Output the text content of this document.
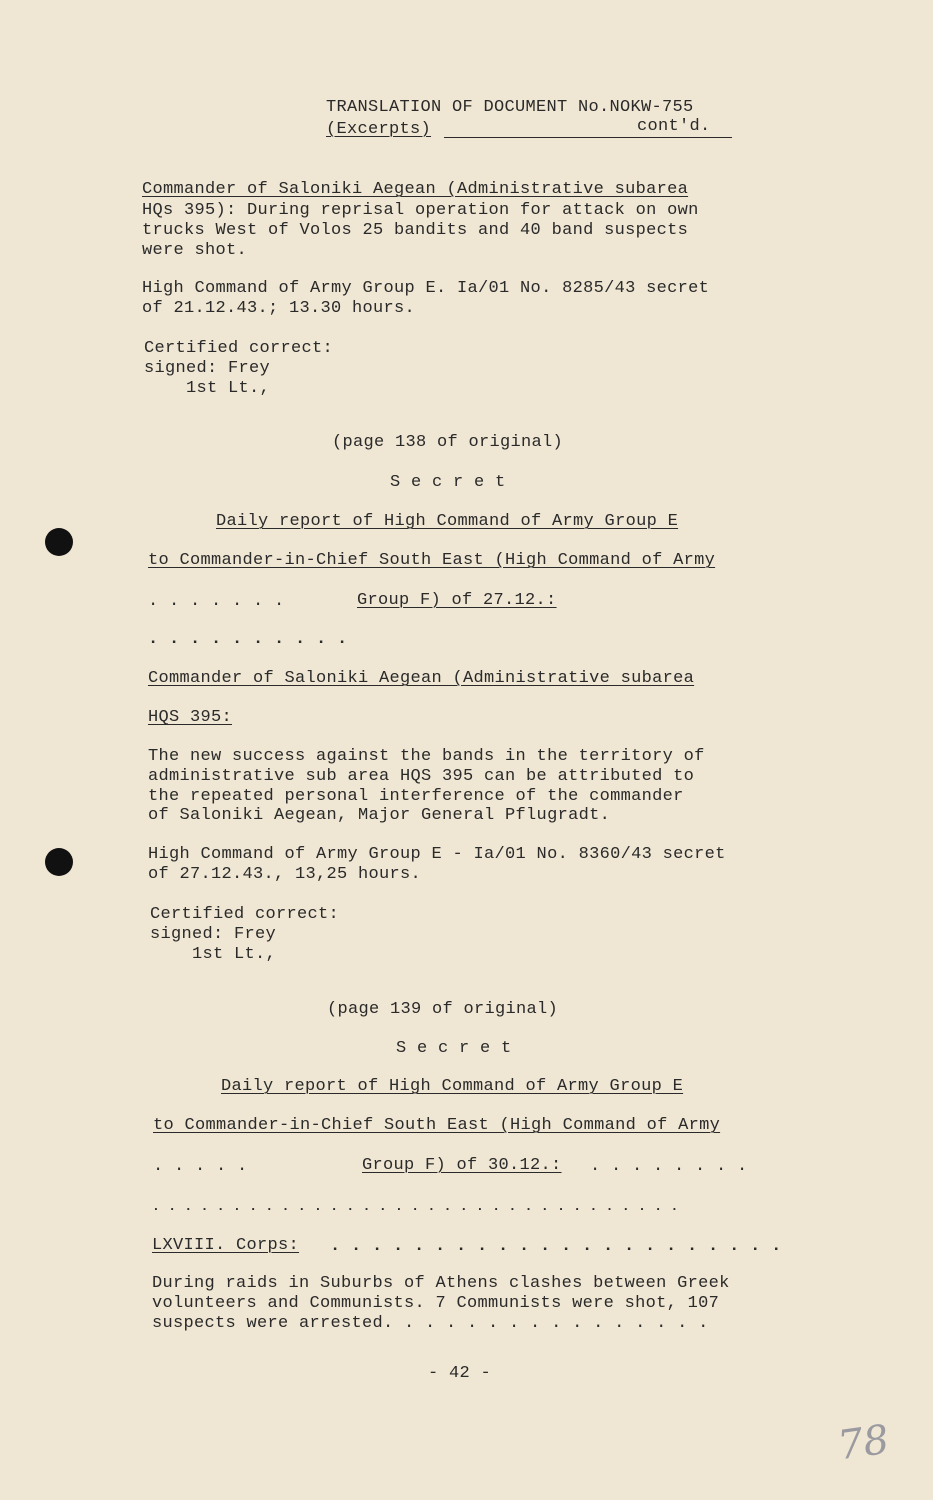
TRANSLATION OF DOCUMENT No.NOKW-755
(Excerpts)	cont'd.
Commander of Saloniki Aegean (Administrative subarea
HQs 395): During reprisal operation for attack on own
trucks West of Volos 25 bandits and 40 band suspects
were shot.
High Command of Army Group E. Ia/01 No. 8285/43 secret
of 21.12.43.; 13.30 hours.
Certified correct:
signed: Frey
1st Lt.,
(page 138 of original)
S e c r e t
Daily report of High Command of Army Group E
to Commander-in-Chief South East (High Command of Army
. . . . . . .	Group F) of 27.12.:
. . . . . . . . . .
Commander of Saloniki Aegean (Administrative subarea
HQS 395:
The new success against the bands in the territory of
administrative sub area HQS 395 can be attributed to
the repeated personal interference of the commander
of Saloniki Aegean, Major General Pflugradt.
High Command of Army Group E - Ia/01 No. 8360/43 secret
of 27.12.43., 13,25 hours.
Certified correct:
signed: Frey
1st Lt.,
(page 139 of original)
S e c r e t
Daily report of High Command of Army Group E
to Commander-in-Chief South East (High Command of Army
. . . . .	Group F) of 30.12.: . . . . . . . .
. . . . . . . . . . . . . . . . . . . . . . . . . . . . . . . . .
LXVIII. Corps: . . . . . . . . . . . . . . . . . . . . . .
During raids in Suburbs of Athens clashes between Greek
volunteers and Communists. 7 Communists were shot, 107
suspects were arrested. . . . . . . . . . . . . . . .
- 42 -
78
